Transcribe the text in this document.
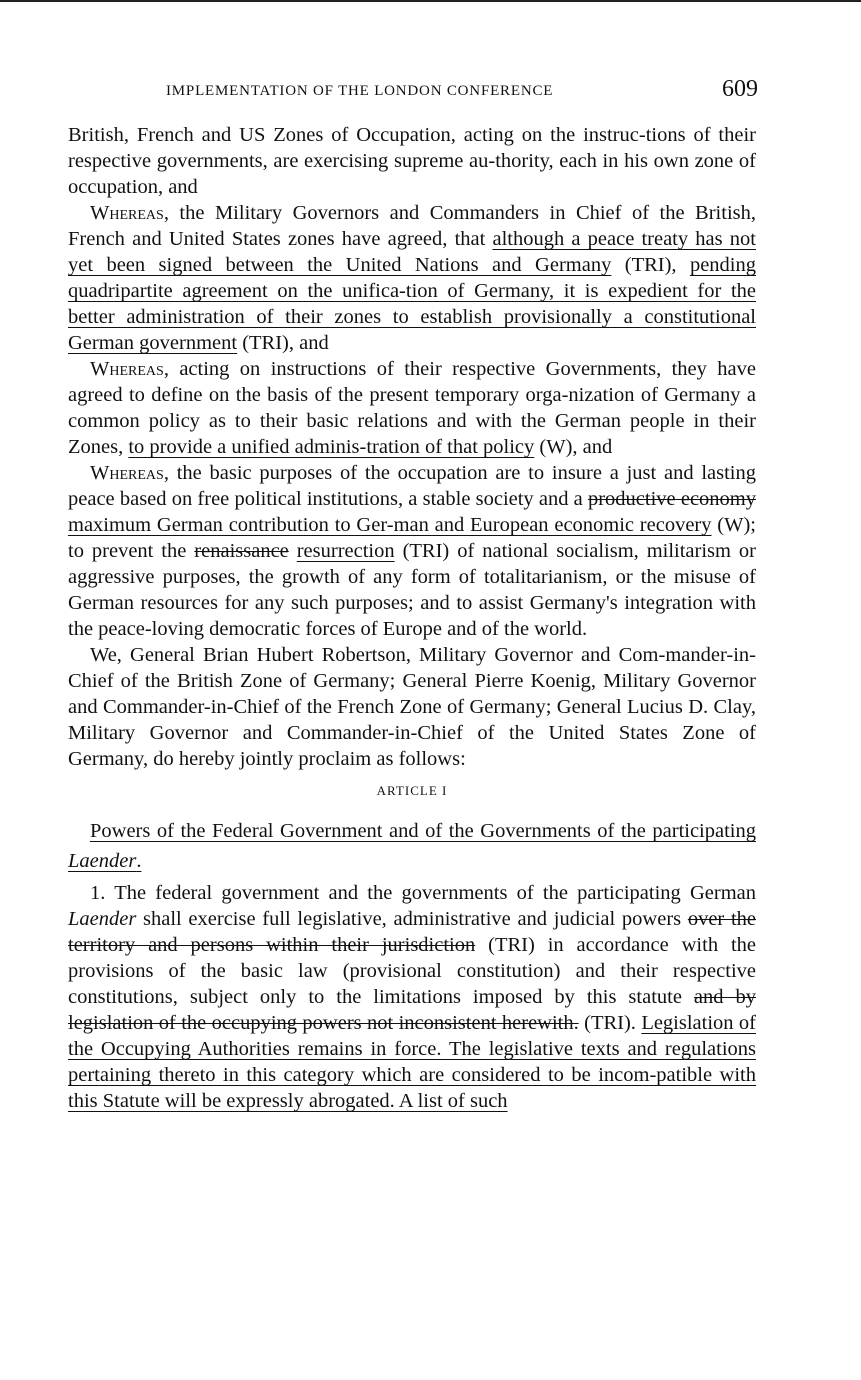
IMPLEMENTATION OF THE LONDON CONFERENCE	609

British, French and US Zones of Occupation, acting on the instruc-tions of their respective governments, are exercising supreme au-thority, each in his own zone of occupation, and

Whereas, the Military Governors and Commanders in Chief of the British, French and United States zones have agreed, that although a peace treaty has not yet been signed between the United Nations and Germany (TRI), pending quadripartite agreement on the unifica-tion of Germany, it is expedient for the better administration of their zones to establish provisionally a constitutional German government (TRI), and

Whereas, acting on instructions of their respective Governments, they have agreed to define on the basis of the present temporary orga-nization of Germany a common policy as to their basic relations and with the German people in their Zones, to provide a unified adminis-tration of that policy (W), and

Whereas, the basic purposes of the occupation are to insure a just and lasting peace based on free political institutions, a stable society and a productive economy maximum German contribution to Ger-man and European economic recovery (W); to prevent the renaissance resurrection (TRI) of national socialism, militarism or aggressive purposes, the growth of any form of totalitarianism, or the misuse of German resources for any such purposes; and to assist Germany's integration with the peace-loving democratic forces of Europe and of the world.

We, General Brian Hubert Robertson, Military Governor and Com-mander-in-Chief of the British Zone of Germany; General Pierre Koenig, Military Governor and Commander-in-Chief of the French Zone of Germany; General Lucius D. Clay, Military Governor and Commander-in-Chief of the United States Zone of Germany, do hereby jointly proclaim as follows:

ARTICLE I

Powers of the Federal Government and of the Governments of the participating Laender.

1. The federal government and the governments of the participating German Laender shall exercise full legislative, administrative and judicial powers over the territory and persons within their jurisdiction (TRI) in accordance with the provisions of the basic law (provisional constitution) and their respective constitutions, subject only to the limitations imposed by this statute and by legislation of the occupying powers not inconsistent herewith. (TRI). Legislation of the Occupying Authorities remains in force. The legislative texts and regulations pertaining thereto in this category which are considered to be incom-patible with this Statute will be expressly abrogated. A list of such
